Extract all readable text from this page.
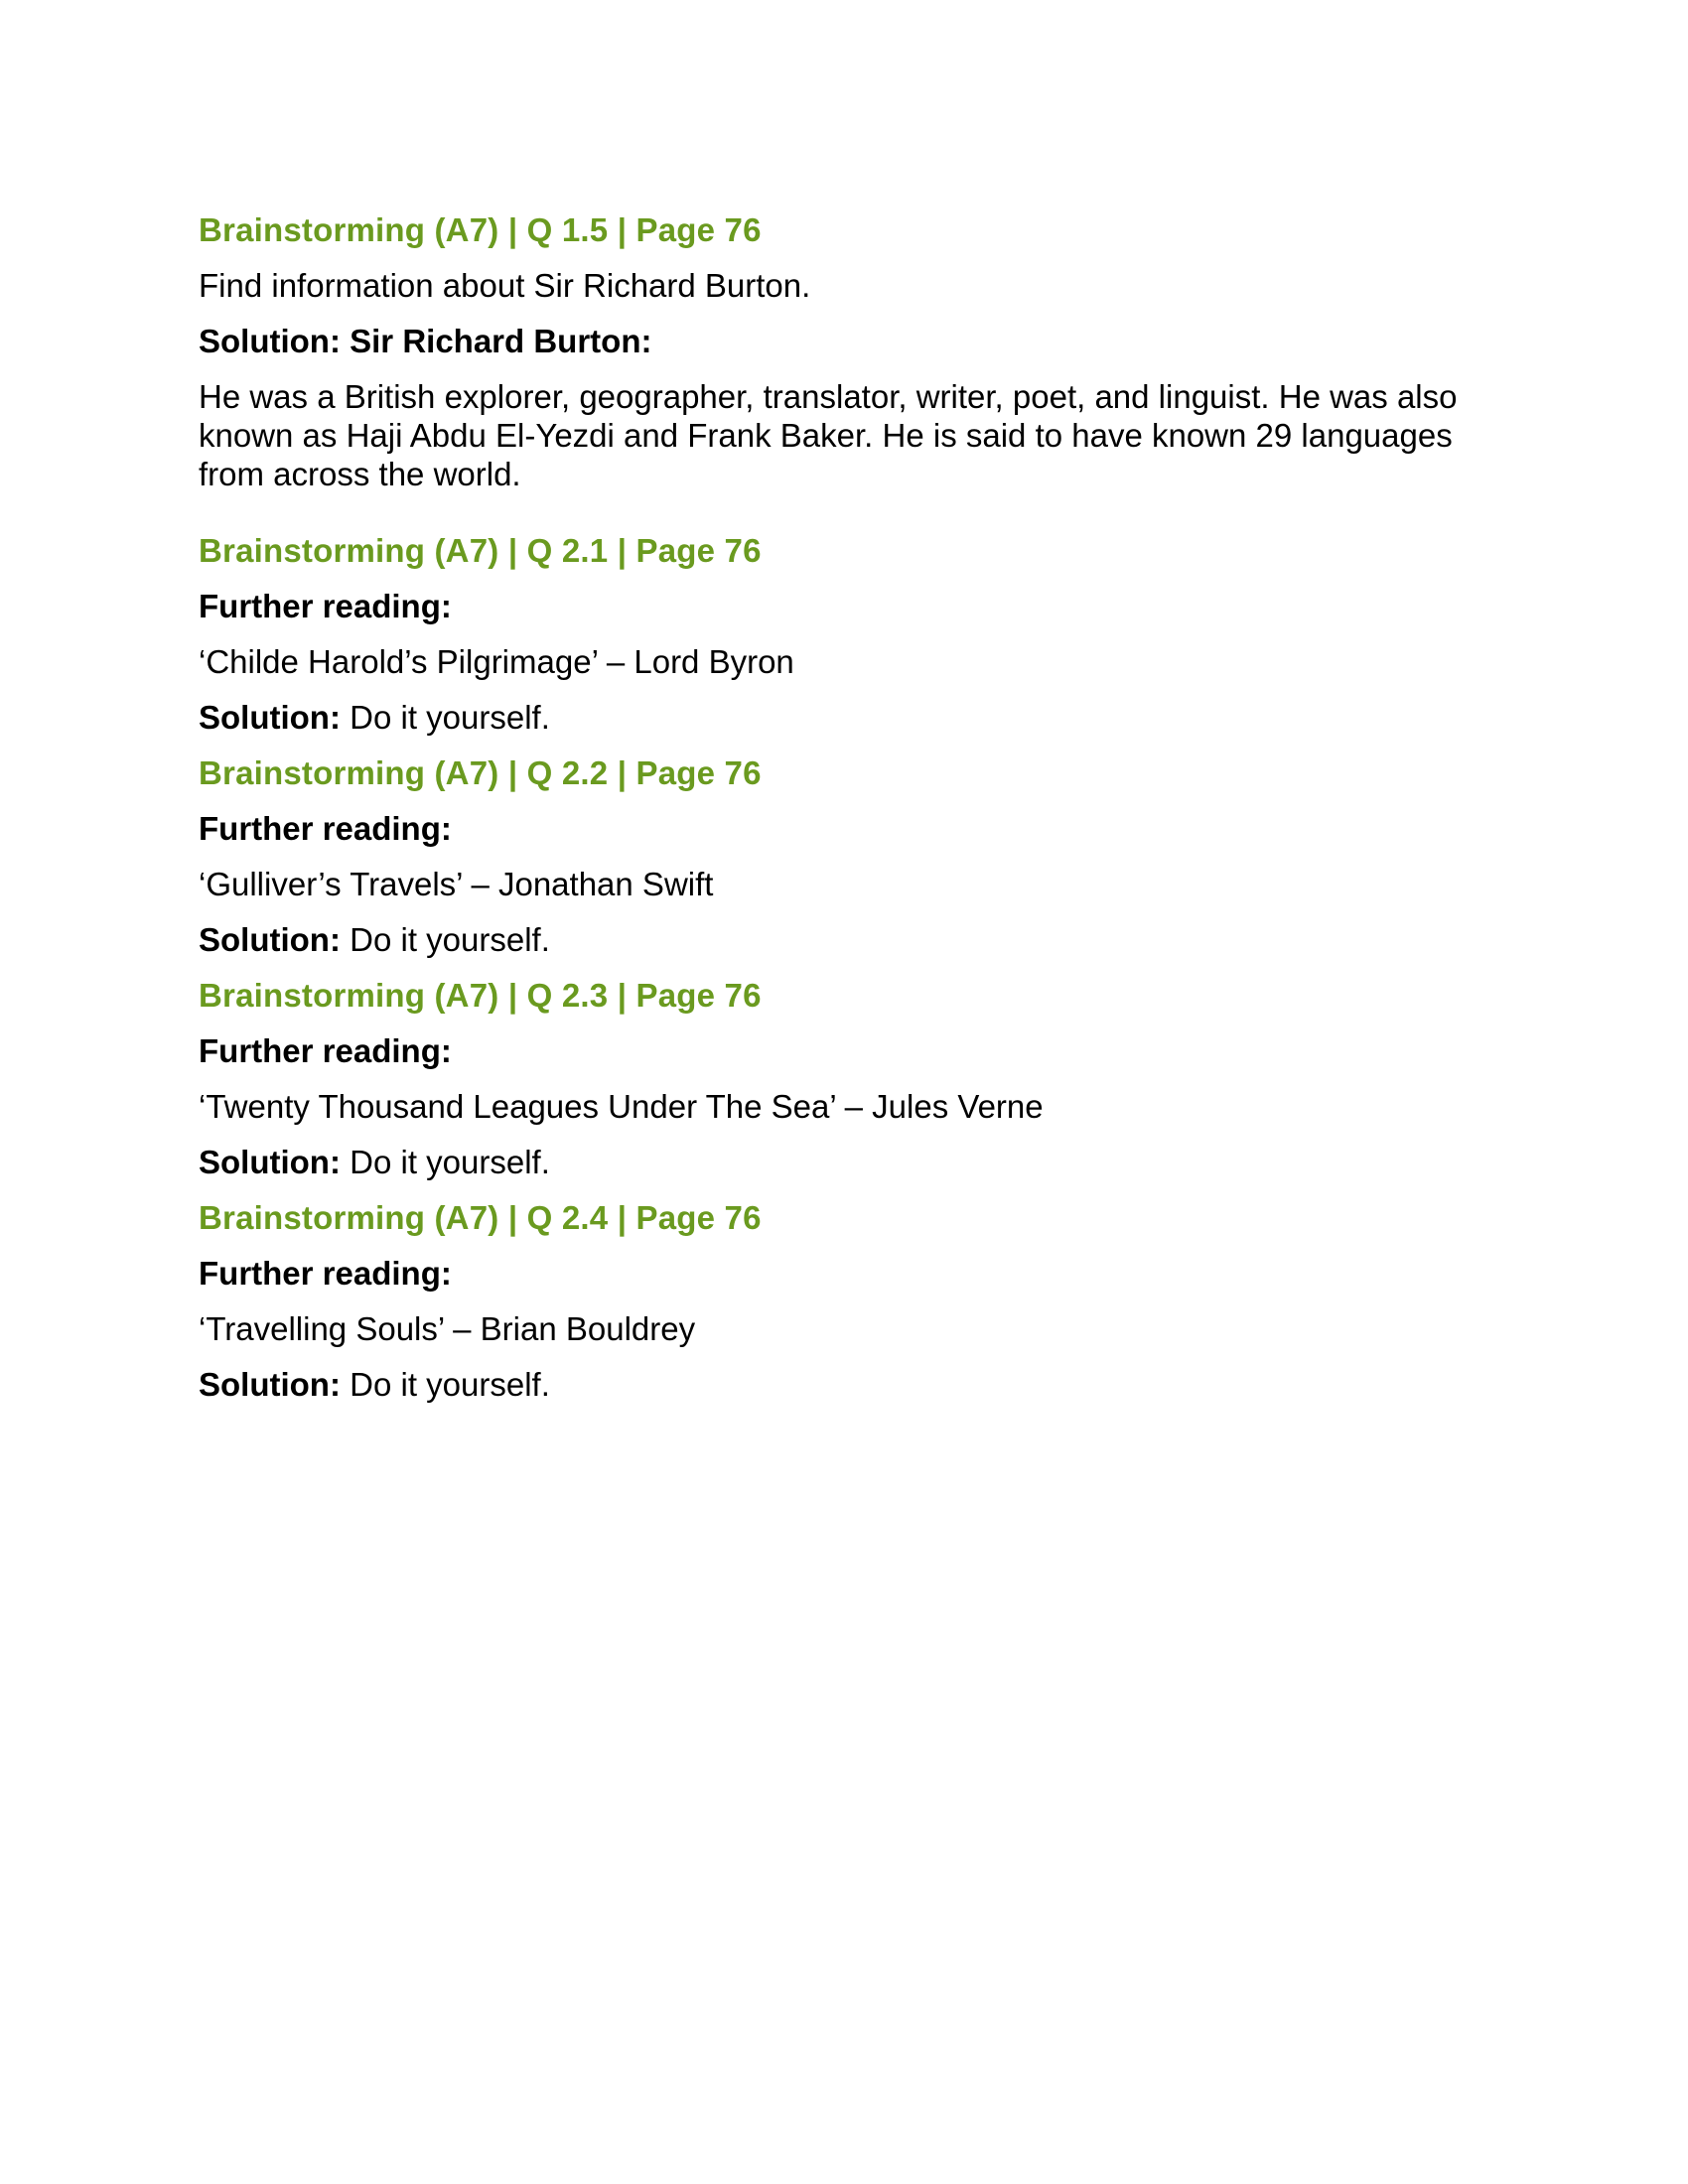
Brainstorming (A7) | Q 1.5 | Page 76
Find information about Sir Richard Burton.
Solution: Sir Richard Burton:
He was a British explorer, geographer, translator, writer, poet, and linguist. He was also known as Haji Abdu El-Yezdi and Frank Baker. He is said to have known 29 languages from across the world.
Brainstorming (A7) | Q 2.1 | Page 76
Further reading:
‘Childe Harold’s Pilgrimage’ – Lord Byron
Solution: Do it yourself.
Brainstorming (A7) | Q 2.2 | Page 76
Further reading:
‘Gulliver’s Travels’ – Jonathan Swift
Solution: Do it yourself.
Brainstorming (A7) | Q 2.3 | Page 76
Further reading:
‘Twenty Thousand Leagues Under The Sea’ – Jules Verne
Solution: Do it yourself.
Brainstorming (A7) | Q 2.4 | Page 76
Further reading:
‘Travelling Souls’ – Brian Bouldrey
Solution: Do it yourself.
